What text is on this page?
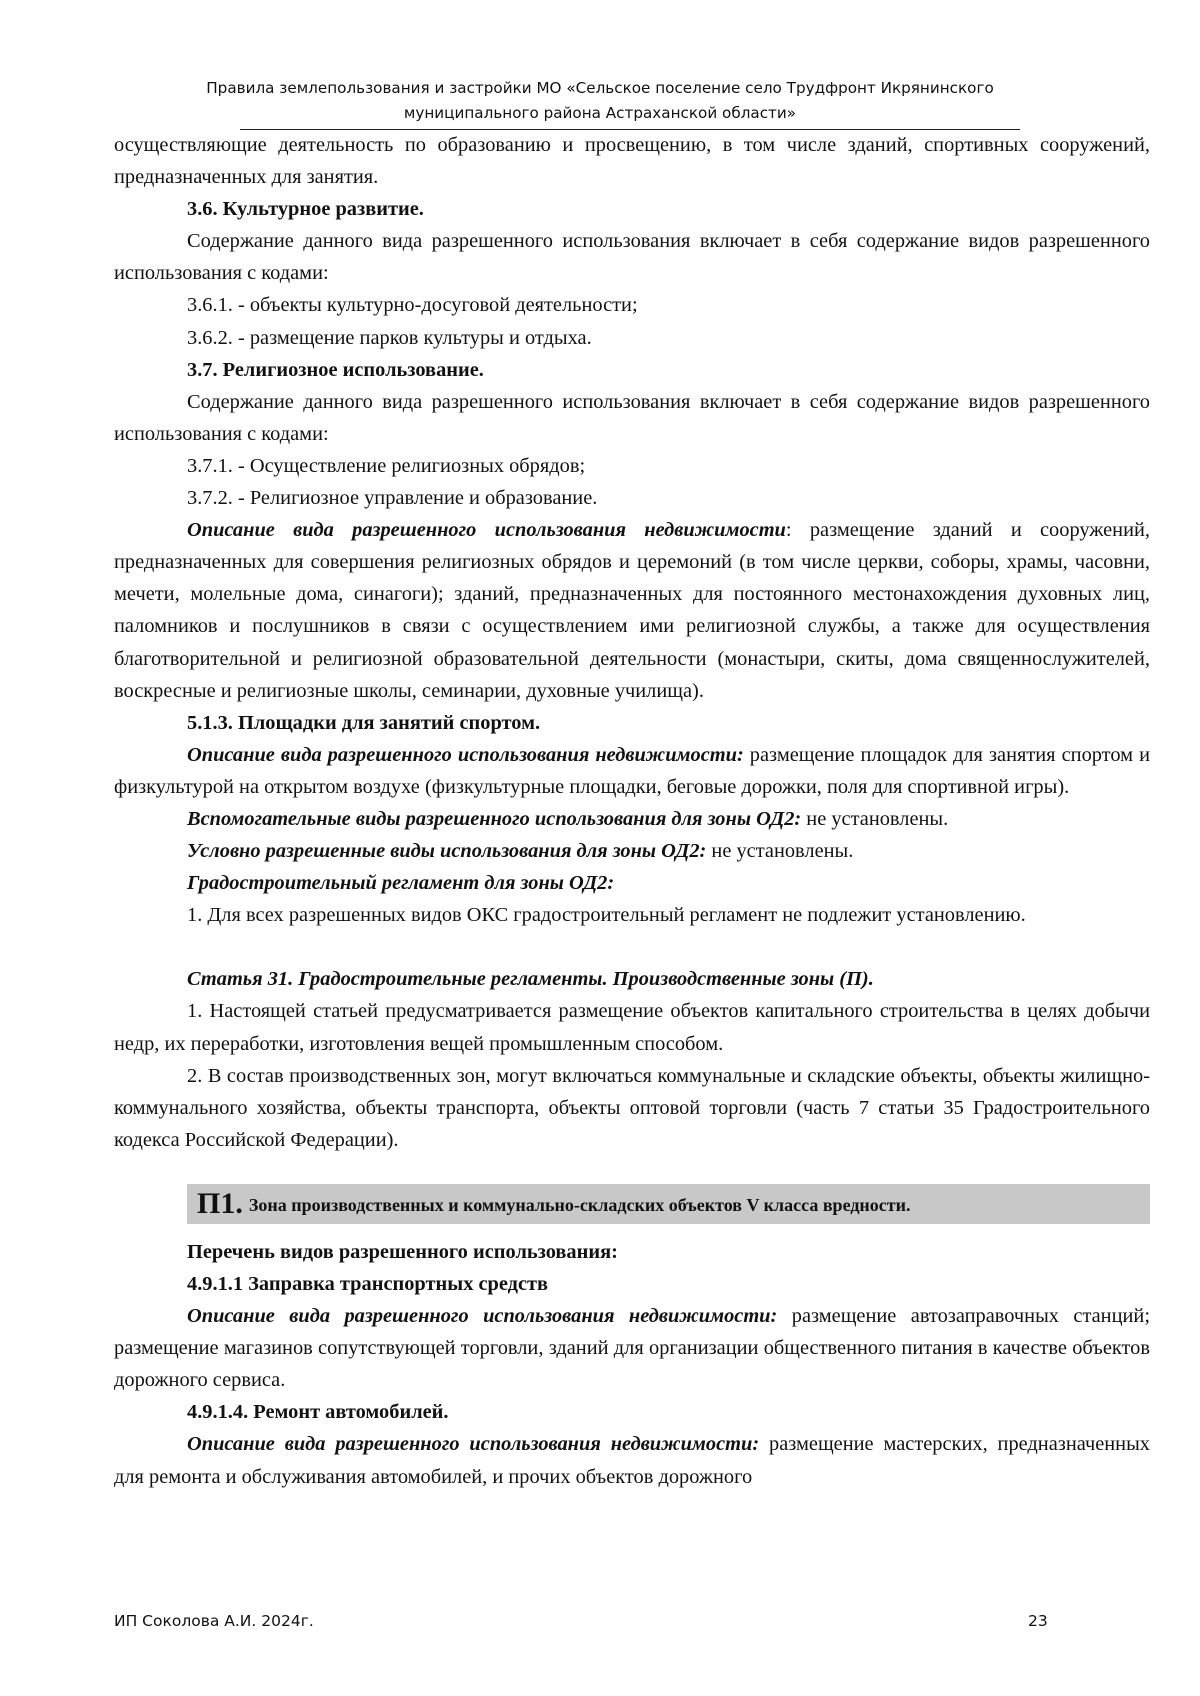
Правила землепользования и застройки МО «Сельское поселение село Трудфронт Икрянинского
муниципального района Астраханской области»

осуществляющие деятельность по образованию и просвещению, в том числе зданий, спортивных сооружений, предназначенных для занятия.

3.6. Культурное развитие.

Содержание данного вида разрешенного использования включает в себя содержание видов разрешенного использования с кодами:

3.6.1. - объекты культурно-досуговой деятельности;

3.6.2. - размещение парков культуры и отдыха.

3.7. Религиозное использование.

Содержание данного вида разрешенного использования включает в себя содержание видов разрешенного использования с кодами:

3.7.1. - Осуществление религиозных обрядов;

3.7.2. - Религиозное управление и образование.

Описание вида разрешенного использования недвижимости: размещение зданий и сооружений, предназначенных для совершения религиозных обрядов и церемоний (в том числе церкви, соборы, храмы, часовни, мечети, молельные дома, синагоги); зданий, предназначенных для постоянного местонахождения духовных лиц, паломников и послушников в связи с осуществлением ими религиозной службы, а также для осуществления благотворительной и религиозной образовательной деятельности (монастыри, скиты, дома священнослужителей, воскресные и религиозные школы, семинарии, духовные училища).

5.1.3. Площадки для занятий спортом.

Описание вида разрешенного использования недвижимости: размещение площадок для занятия спортом и физкультурой на открытом воздухе (физкультурные площадки, беговые дорожки, поля для спортивной игры).

Вспомогательные виды разрешенного использования для зоны ОД2: не установлены.

Условно разрешенные виды использования для зоны ОД2: не установлены.

Градостроительный регламент для зоны ОД2:

1. Для всех разрешенных видов ОКС градостроительный регламент не подлежит установлению.

Статья 31. Градостроительные регламенты. Производственные зоны (П).

1. Настоящей статьей предусматривается размещение объектов капитального строительства в целях добычи недр, их переработки, изготовления вещей промышленным способом.

2. В состав производственных зон, могут включаться коммунальные и складские объекты, объекты жилищно-коммунального хозяйства, объекты транспорта, объекты оптовой торговли (часть 7 статьи 35 Градостроительного кодекса Российской Федерации).

П1. Зона производственных и коммунально-складских объектов V класса вредности.

Перечень видов разрешенного использования:

4.9.1.1 Заправка транспортных средств

Описание вида разрешенного использования недвижимости: размещение автозаправочных станций; размещение магазинов сопутствующей торговли, зданий для организации общественного питания в качестве объектов дорожного сервиса.

4.9.1.4. Ремонт автомобилей.

Описание вида разрешенного использования недвижимости: размещение мастерских, предназначенных для ремонта и обслуживания автомобилей, и прочих объектов дорожного

ИП Соколова А.И. 2024г.	23
